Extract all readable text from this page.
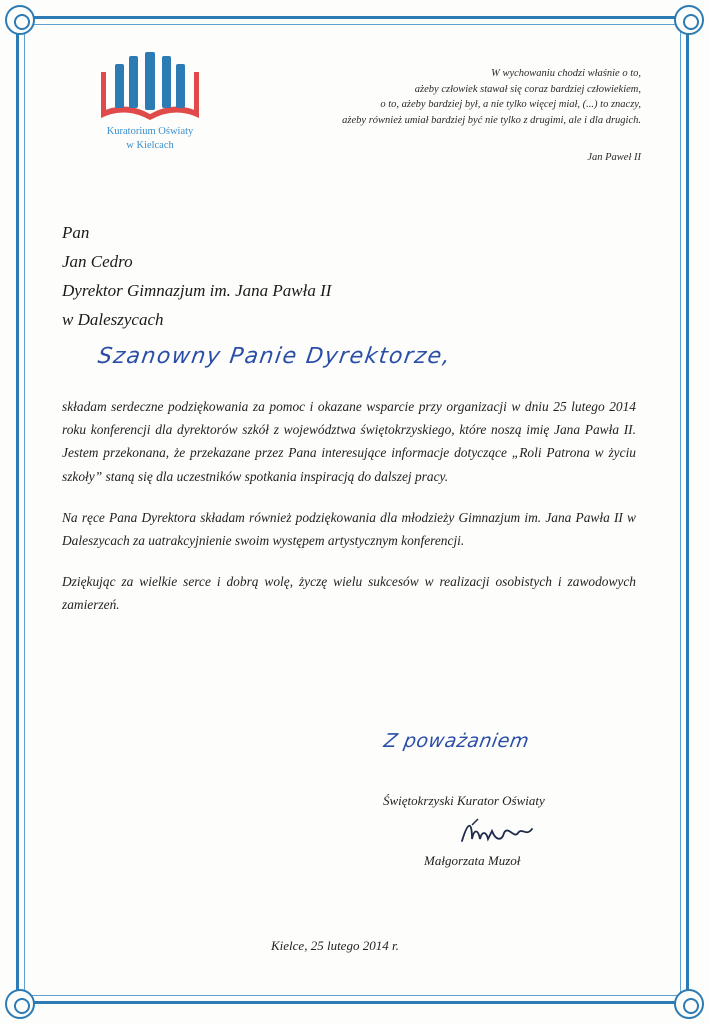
Kuratorium Oświaty
w Kielcach
W wychowaniu chodzi właśnie o to,
ażeby człowiek stawał się coraz bardziej człowiekiem,
o to, ażeby bardziej był, a nie tylko więcej miał, (...) to znaczy,
ażeby również umiał bardziej być nie tylko z drugimi, ale i dla drugich.
Jan Paweł II
Pan
Jan Cedro
Dyrektor Gimnazjum im. Jana Pawła II
w Daleszycach
Szanowny Panie Dyrektorze,

składam serdeczne podziękowania za pomoc i okazane wsparcie przy organizacji w dniu 25 lutego 2014 roku konferencji dla dyrektorów szkół z województwa świętokrzyskiego, które noszą imię Jana Pawła II. Jestem przekonana, że przekazane przez Pana interesujące informacje dotyczące „Roli Patrona w życiu szkoły” staną się dla uczestników spotkania inspiracją do dalszej pracy.

Na ręce Pana Dyrektora składam również podziękowania dla młodzieży Gimnazjum im. Jana Pawła II w Daleszycach za uatrakcyjnienie swoim występem artystycznym konferencji.

Dziękując za wielkie serce i dobrą wolę, życzę wielu sukcesów w realizacji osobistych i zawodowych zamierzeń.

Z poważaniem
Świętokrzyski Kurator Oświaty
Małgorzata Muzoł
Kielce, 25 lutego 2014 r.
